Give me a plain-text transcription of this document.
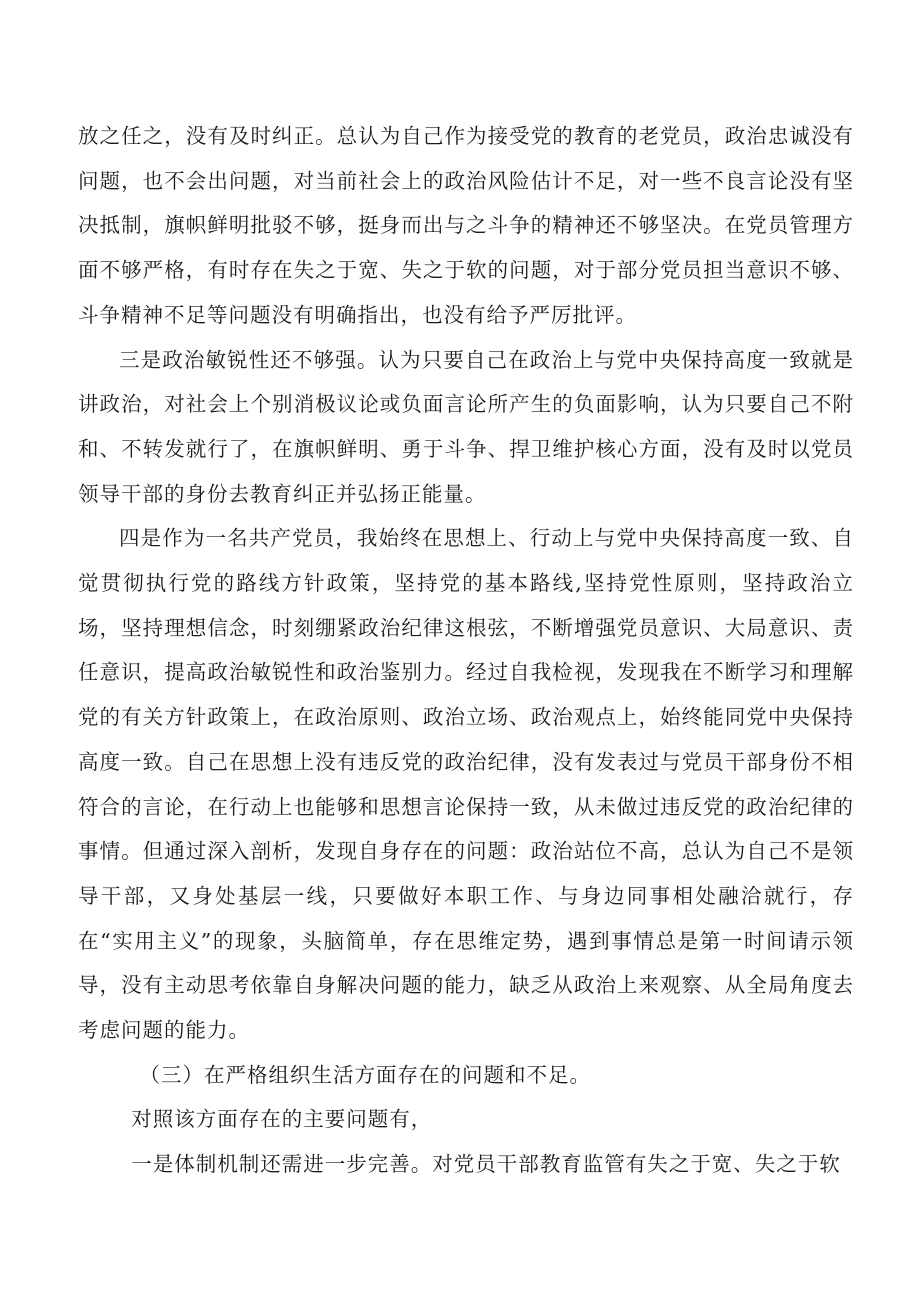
放之任之，没有及时纠正。总认为自己作为接受党的教育的老党员，政治忠诚没有问题，也不会出问题，对当前社会上的政治风险估计不足，对一些不良言论没有坚决抵制，旗帜鲜明批驳不够，挺身而出与之斗争的精神还不够坚决。在党员管理方面不够严格，有时存在失之于宽、失之于软的问题，对于部分党员担当意识不够、斗争精神不足等问题没有明确指出，也没有给予严厉批评。

三是政治敏锐性还不够强。认为只要自己在政治上与党中央保持高度一致就是讲政治，对社会上个别消极议论或负面言论所产生的负面影响，认为只要自己不附和、不转发就行了，在旗帜鲜明、勇于斗争、捍卫维护核心方面，没有及时以党员领导干部的身份去教育纠正并弘扬正能量。

四是作为一名共产党员，我始终在思想上、行动上与党中央保持高度一致、自觉贯彻执行党的路线方针政策，坚持党的基本路线,坚持党性原则，坚持政治立场，坚持理想信念，时刻绷紧政治纪律这根弦，不断增强党员意识、大局意识、责任意识，提高政治敏锐性和政治鉴别力。经过自我检视，发现我在不断学习和理解党的有关方针政策上，在政治原则、政治立场、政治观点上，始终能同党中央保持高度一致。自己在思想上没有违反党的政治纪律，没有发表过与党员干部身份不相符合的言论，在行动上也能够和思想言论保持一致，从未做过违反党的政治纪律的事情。但通过深入剖析，发现自身存在的问题：政治站位不高，总认为自己不是领导干部，又身处基层一线，只要做好本职工作、与身边同事相处融洽就行，存在“实用主义”的现象，头脑简单，存在思维定势，遇到事情总是第一时间请示领导，没有主动思考依靠自身解决问题的能力，缺乏从政治上来观察、从全局角度去考虑问题的能力。

（三）在严格组织生活方面存在的问题和不足。

对照该方面存在的主要问题有，

一是体制机制还需进一步完善。对党员干部教育监管有失之于宽、失之于软
